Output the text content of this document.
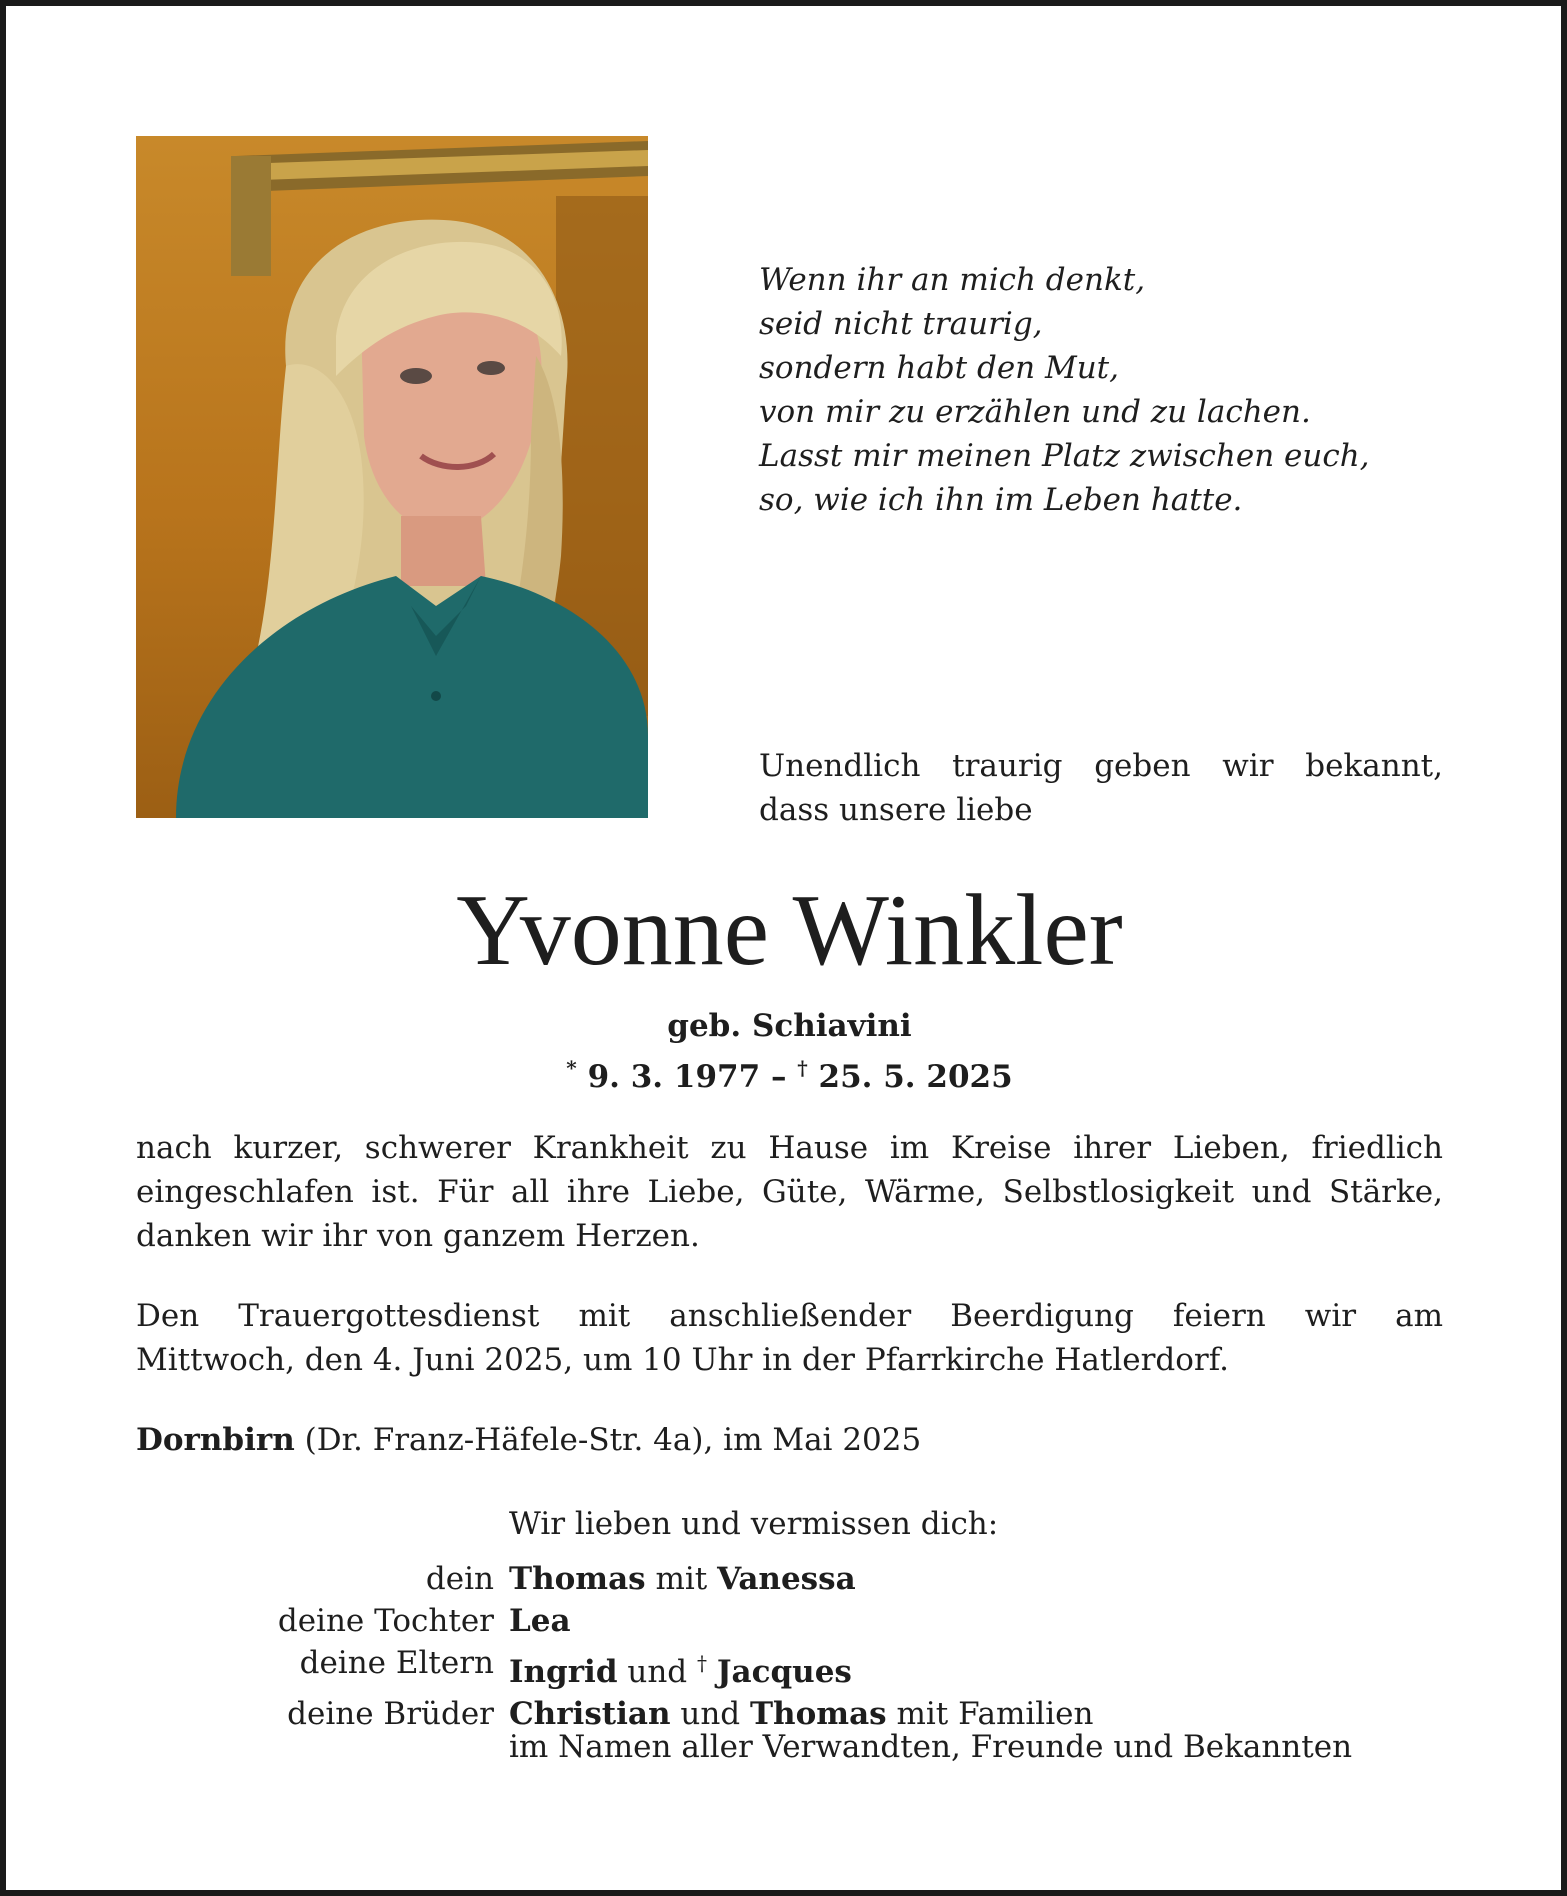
Wenn ihr an mich denkt,
seid nicht traurig,
sondern habt den Mut,
von mir zu erzählen und zu lachen.
Lasst mir meinen Platz zwischen euch,
so, wie ich ihn im Leben hatte.
Unendlich traurig geben wir bekannt,
dass unsere liebe
Yvonne Winkler
geb. Schiavini
* 9. 3. 1977 – † 25. 5. 2025
nach kurzer, schwerer Krankheit zu Hause im Kreise ihrer Lieben, friedlich
eingeschlafen ist. Für all ihre Liebe, Güte, Wärme, Selbstlosigkeit und Stärke,
danken wir ihr von ganzem Herzen.
Den Trauergottesdienst mit anschließender Beerdigung feiern wir am
Mittwoch, den 4. Juni 2025, um 10 Uhr in der Pfarrkirche Hatlerdorf.
Dornbirn (Dr. Franz-Häfele-Str. 4a), im Mai 2025
Wir lieben und vermissen dich:
dein Thomas mit Vanessa
deine Tochter Lea
deine Eltern Ingrid und † Jacques
deine Brüder Christian und Thomas mit Familien
im Namen aller Verwandten, Freunde und Bekannten
